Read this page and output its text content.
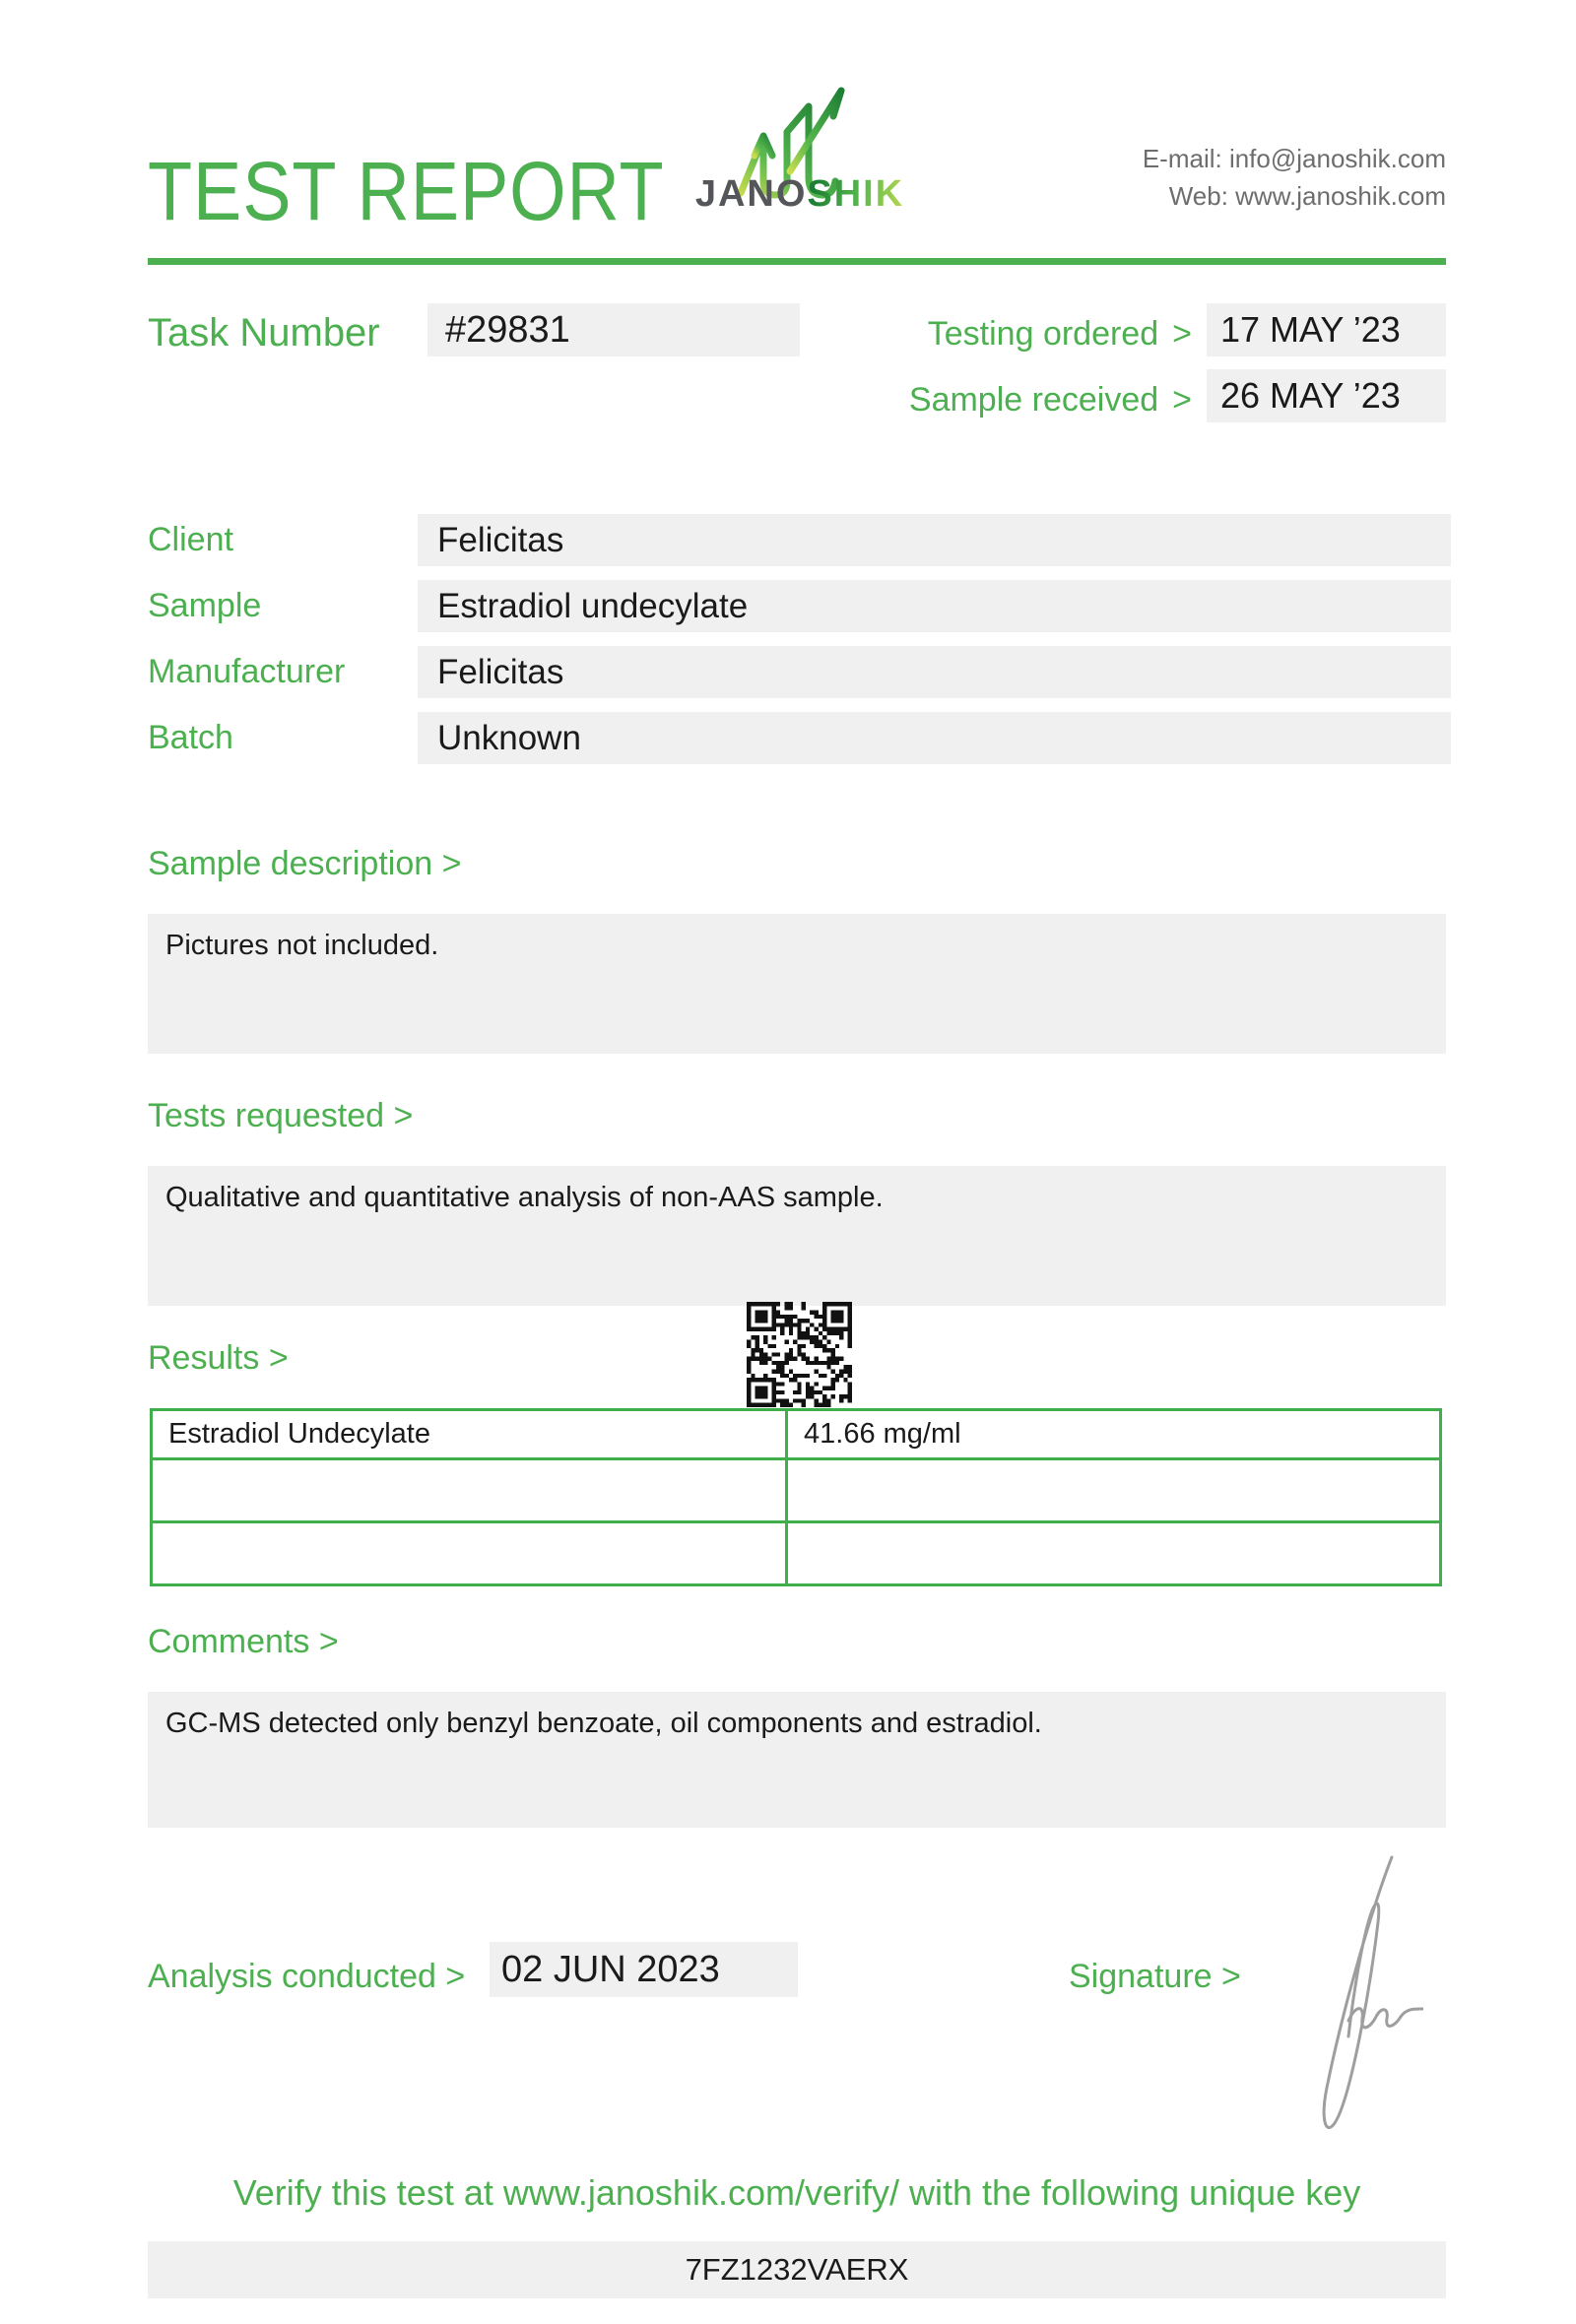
TEST REPORT JANOSHIK
E-mail: info@janoshik.com
Web: www.janoshik.com
Task Number	#29831	Testing ordered > 17 MAY ’23
Sample received > 26 MAY ’23
Client	Felicitas
Sample	Estradiol undecylate
Manufacturer	Felicitas
Batch	Unknown
Sample description >
Pictures not included.
Tests requested >
Qualitative and quantitative analysis of non-AAS sample.
Results >
Estradiol Undecylate	41.66 mg/ml

Comments >
GC-MS detected only benzyl benzoate, oil components and estradiol.
Analysis conducted > 02 JUN 2023	Signature >
Verify this test at www.janoshik.com/verify/ with the following unique key
7FZ1232VAERX
